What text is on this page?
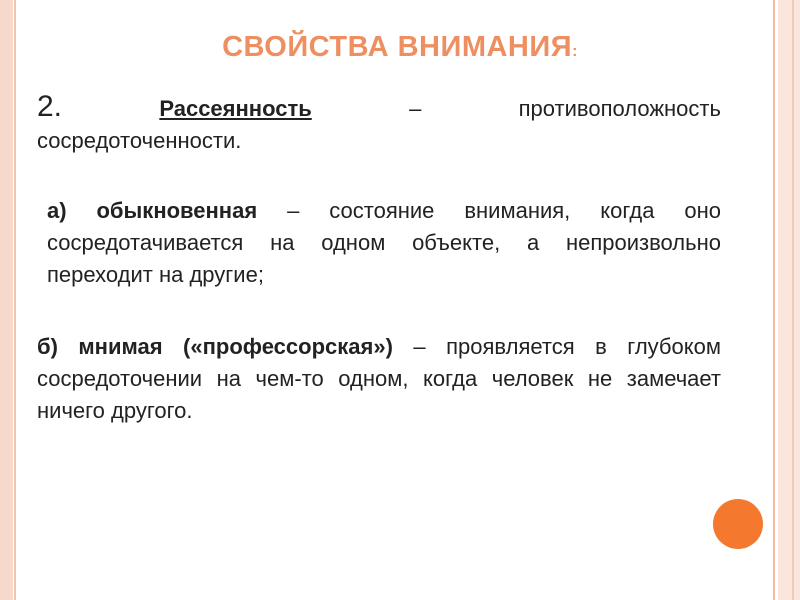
СВОЙСТВА ВНИМАНИЯ:
2.	Рассеянность	–	противоположность
сосредоточенности.

а) обыкновенная – состояние внимания, когда оно сосредотачивается на одном объекте, а непроизвольно переходит на другие;

б) мнимая («профессорская») – проявляется в глубоком сосредоточении на чем-то одном, когда человек не замечает ничего другого.
